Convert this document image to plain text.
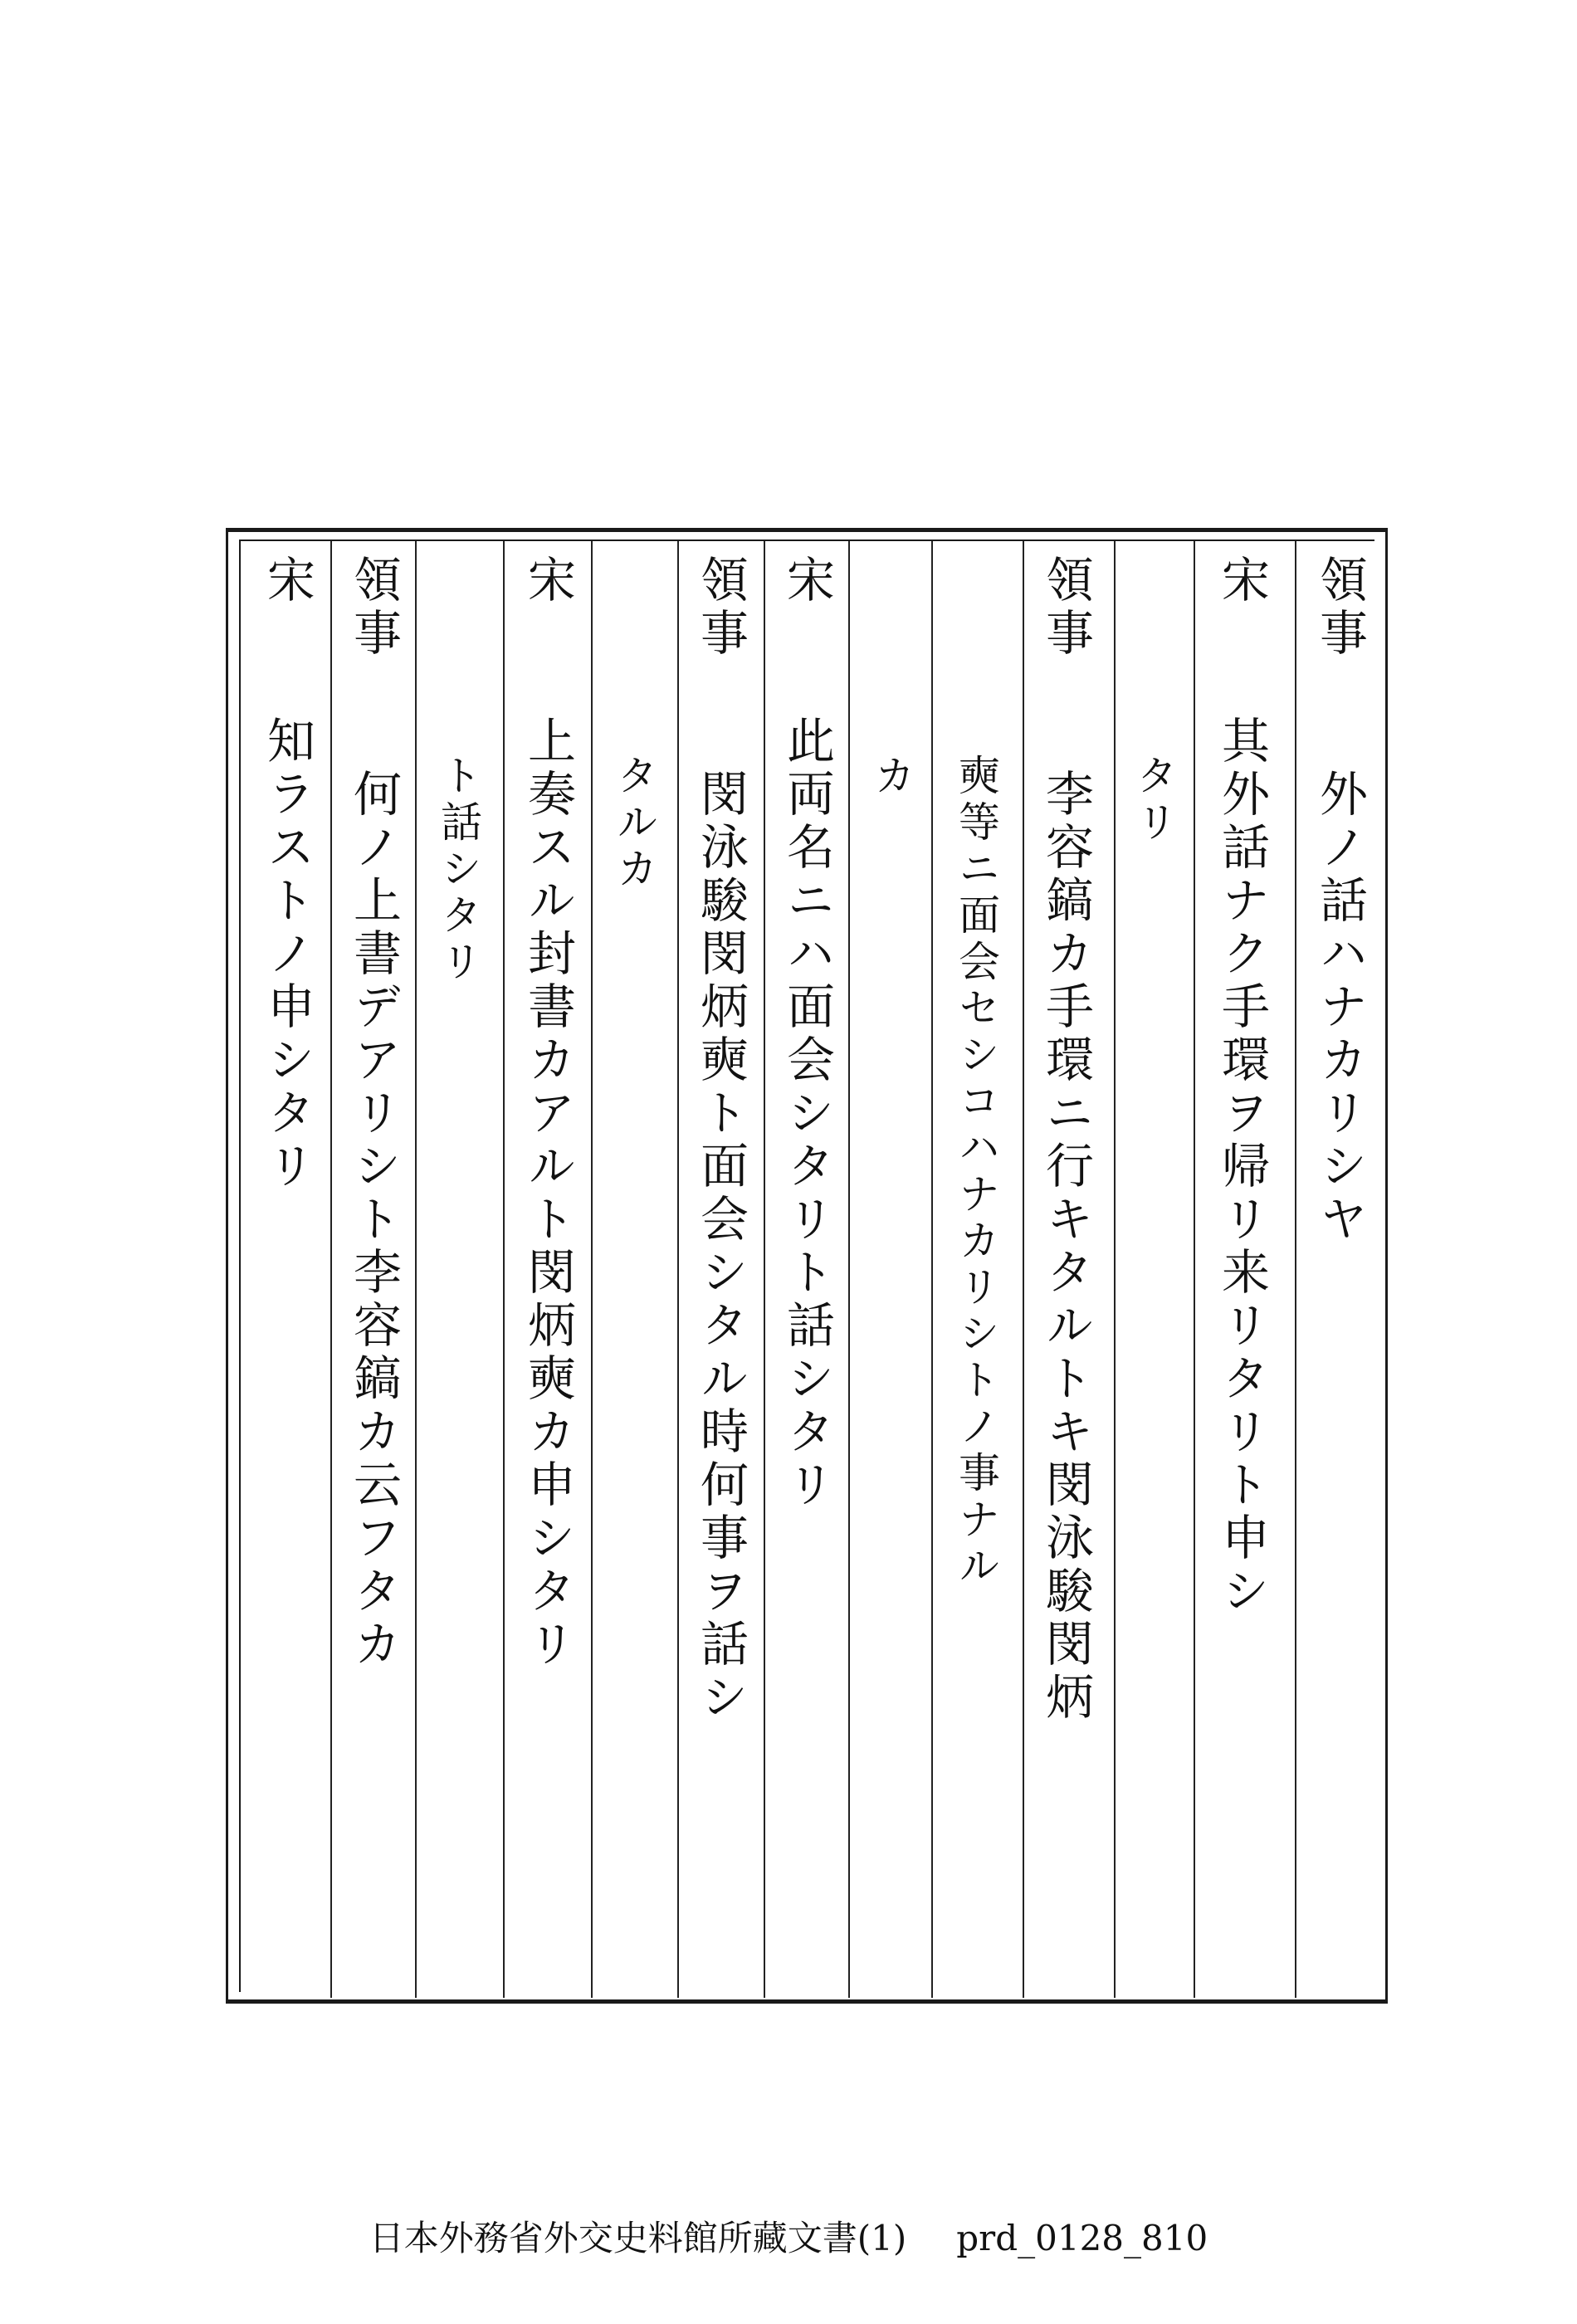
領事外ノ話ハナカリシヤ
宋其外話ナク手環ヲ帰リ来リタリト申シ
タリ
領事李容鎬カ手環ニ行キタルトキ閔泳駿閔炳
奭等ニ面会セシコハナカリシトノ事ナル
カ
宋此両名ニハ面会シタリト話シタリ
領事閔泳駿閔炳奭ト面会シタル時何事ヲ話シ
タルカ
宋上奏スル封書カアルト閔炳奭カ申シタリ
ト話シタリ
領事何ノ上書デアリシト李容鎬カ云フタカ
宋知ラストノ申シタリ
日本外務省外交史料館所藏文書(1) prd_0128_810
